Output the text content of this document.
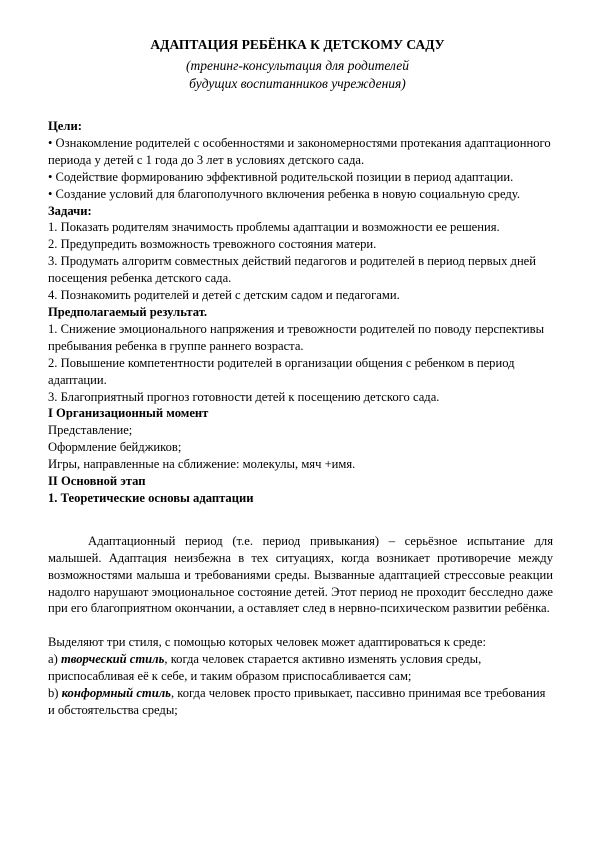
АДАПТАЦИЯ РЕБЁНКА К ДЕТСКОМУ САДУ
(тренинг-консультация для родителей
будущих воспитанников учреждения)

Цели:

• Ознакомление родителей с особенностями и закономерностями протекания адаптационного периода у детей с 1 года до 3 лет в условиях детского сада.

• Содействие формированию эффективной родительской позиции в период адаптации.

• Создание условий для благополучного включения ребенка в новую социальную среду.

Задачи:

1. Показать родителям значимость проблемы адаптации и возможности ее решения.

2. Предупредить возможность тревожного состояния матери.

3. Продумать алгоритм совместных действий педагогов и родителей в период первых дней посещения ребенка детского сада.

4. Познакомить родителей и детей с детским садом и педагогами.

Предполагаемый результат.

1. Снижение эмоционального напряжения и тревожности родителей по поводу перспективы пребывания ребенка в группе раннего возраста.

2. Повышение компетентности родителей в организации общения с ребенком в период адаптации.

3. Благоприятный прогноз готовности детей к посещению детского сада.

I Организационный момент

Представление;

Оформление бейджиков;

Игры, направленные на сближение: молекулы, мяч +имя.

II Основной этап

1. Теоретические основы адаптации

Адаптационный период (т.е. период привыкания) – серьёзное испытание для малышей. Адаптация неизбежна в тех ситуациях, когда возникает противоречие между возможностями малыша и требованиями среды. Вызванные адаптацией стрессовые реакции надолго нарушают эмоциональное состояние детей. Этот период не проходит бесследно даже при его благоприятном окончании, а оставляет след в нервно-психическом развитии ребёнка.

Выделяют три стиля, с помощью которых человек может адаптироваться к среде:

а) творческий стиль, когда человек старается активно изменять условия среды, приспосабливая её к себе, и таким образом приспосабливается сам;

b) конформный стиль, когда человек просто привыкает, пассивно принимая все требования и обстоятельства среды;
